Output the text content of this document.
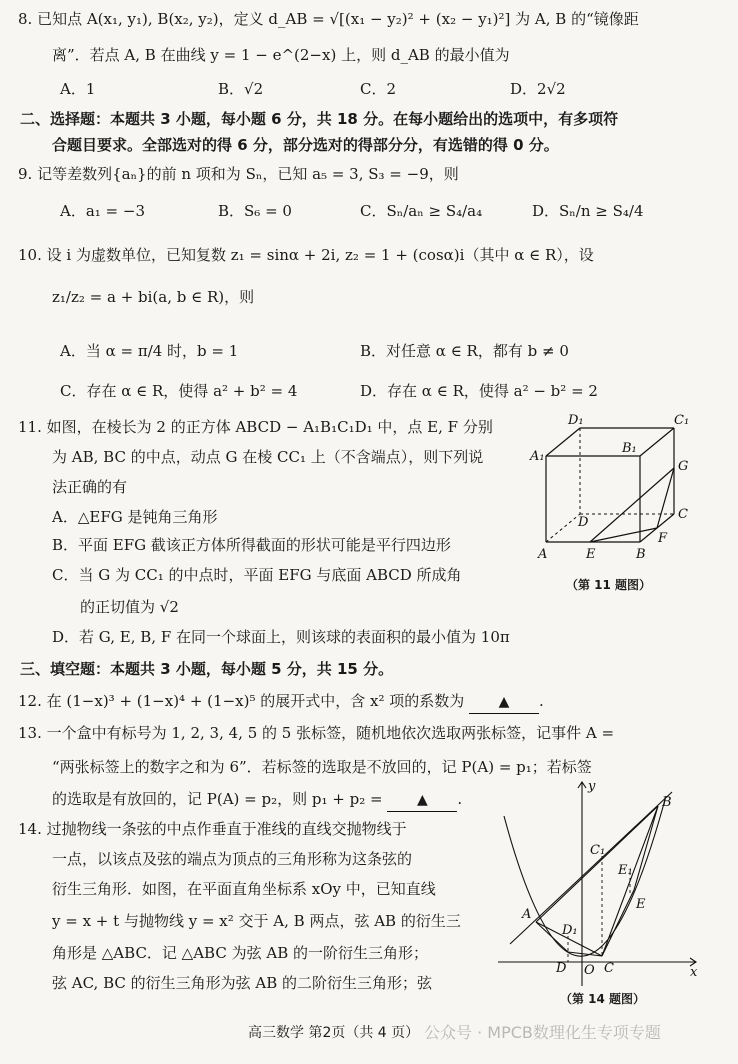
8. 已知点 A(x₁, y₁), B(x₂, y₂)，定义 d_AB = √[(x₁ − y₂)² + (x₂ − y₁)²] 为 A, B 的“镜像距
离”．若点 A, B 在曲线 y = 1 − e^(2−x) 上，则 d_AB 的最小值为
A．1	B．√2	C．2	D．2√2
二、选择题：本题共 3 小题，每小题 6 分，共 18 分。在每小题给出的选项中，有多项符
合题目要求。全部选对的得 6 分，部分选对的得部分分，有选错的得 0 分。
9. 记等差数列{aₙ}的前 n 项和为 Sₙ，已知 a₅ = 3, S₃ = −9，则
A．a₁ = −3	B．S₆ = 0	C．Sₙ/aₙ ≥ S₄/a₄	D．Sₙ/n ≥ S₄/4
10. 设 i 为虚数单位，已知复数 z₁ = sinα + 2i, z₂ = 1 + (cosα)i（其中 α ∈ R），设
z₁/z₂ = a + bi(a, b ∈ R)，则
A．当 α = π/4 时，b = 1	B．对任意 α ∈ R，都有 b ≠ 0
C．存在 α ∈ R，使得 a² + b² = 4	D．存在 α ∈ R，使得 a² − b² = 2
11. 如图，在棱长为 2 的正方体 ABCD − A₁B₁C₁D₁ 中，点 E, F 分别
为 AB, BC 的中点，动点 G 在棱 CC₁ 上（不含端点），则下列说
法正确的有
A．△EFG 是钝角三角形
B．平面 EFG 截该正方体所得截面的形状可能是平行四边形
C．当 G 为 CC₁ 的中点时，平面 EFG 与底面 ABCD 所成角
的正切值为 √2
D．若 G, E, B, F 在同一个球面上，则该球的表面积的最小值为 10π
D₁	C₁
B₁
A₁
G
D
C
F
A	E	B
（第 11 题图）
三、填空题：本题共 3 小题，每小题 5 分，共 15 分。
12. 在 (1−x)³ + (1−x)⁴ + (1−x)⁵ 的展开式中，含 x² 项的系数为 ▲ .
13. 一个盒中有标号为 1, 2, 3, 4, 5 的 5 张标签，随机地依次选取两张标签，记事件 A =
“两张标签上的数字之和为 6”．若标签的选取是不放回的，记 P(A) = p₁；若标签
的选取是有放回的，记 P(A) = p₂，则 p₁ + p₂ = ▲ .
14. 过抛物线一条弦的中点作垂直于准线的直线交抛物线于
一点，以该点及弦的端点为顶点的三角形称为这条弦的
衍生三角形．如图，在平面直角坐标系 xOy 中，已知直线
y = x + t 与抛物线 y = x² 交于 A, B 两点，弦 AB 的衍生三
角形是 △ABC．记 △ABC 为弦 AB 的一阶衍生三角形；
弦 AC, BC 的衍生三角形为弦 AB 的二阶衍生三角形；弦
y
B
C₁
E₁
E
A
D₁
D O C	x
（第 14 题图）
高三数学 第2页（共 4 页） 公众号 · MPCB数理化生专项专题
